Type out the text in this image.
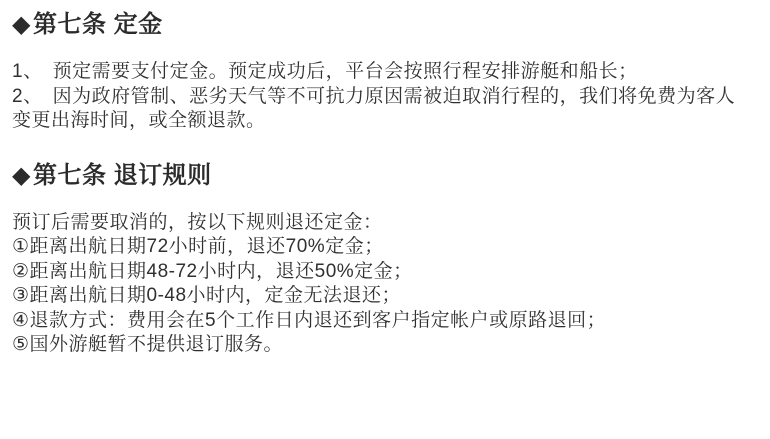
◆第七条 定金
1、　预定需要支付定金。预定成功后，平台会按照行程安排游艇和船长；
2、　因为政府管制、恶劣天气等不可抗力原因需被迫取消行程的，我们将免费为客人
变更出海时间，或全额退款。
◆第七条 退订规则
预订后需要取消的，按以下规则退还定金：
①距离出航日期72小时前，退还70%定金；
②距离出航日期48-72小时内，退还50%定金；
③距离出航日期0-48小时内，定金无法退还；
④退款方式：费用会在5个工作日内退还到客户指定帐户或原路退回；
⑤国外游艇暂不提供退订服务。
